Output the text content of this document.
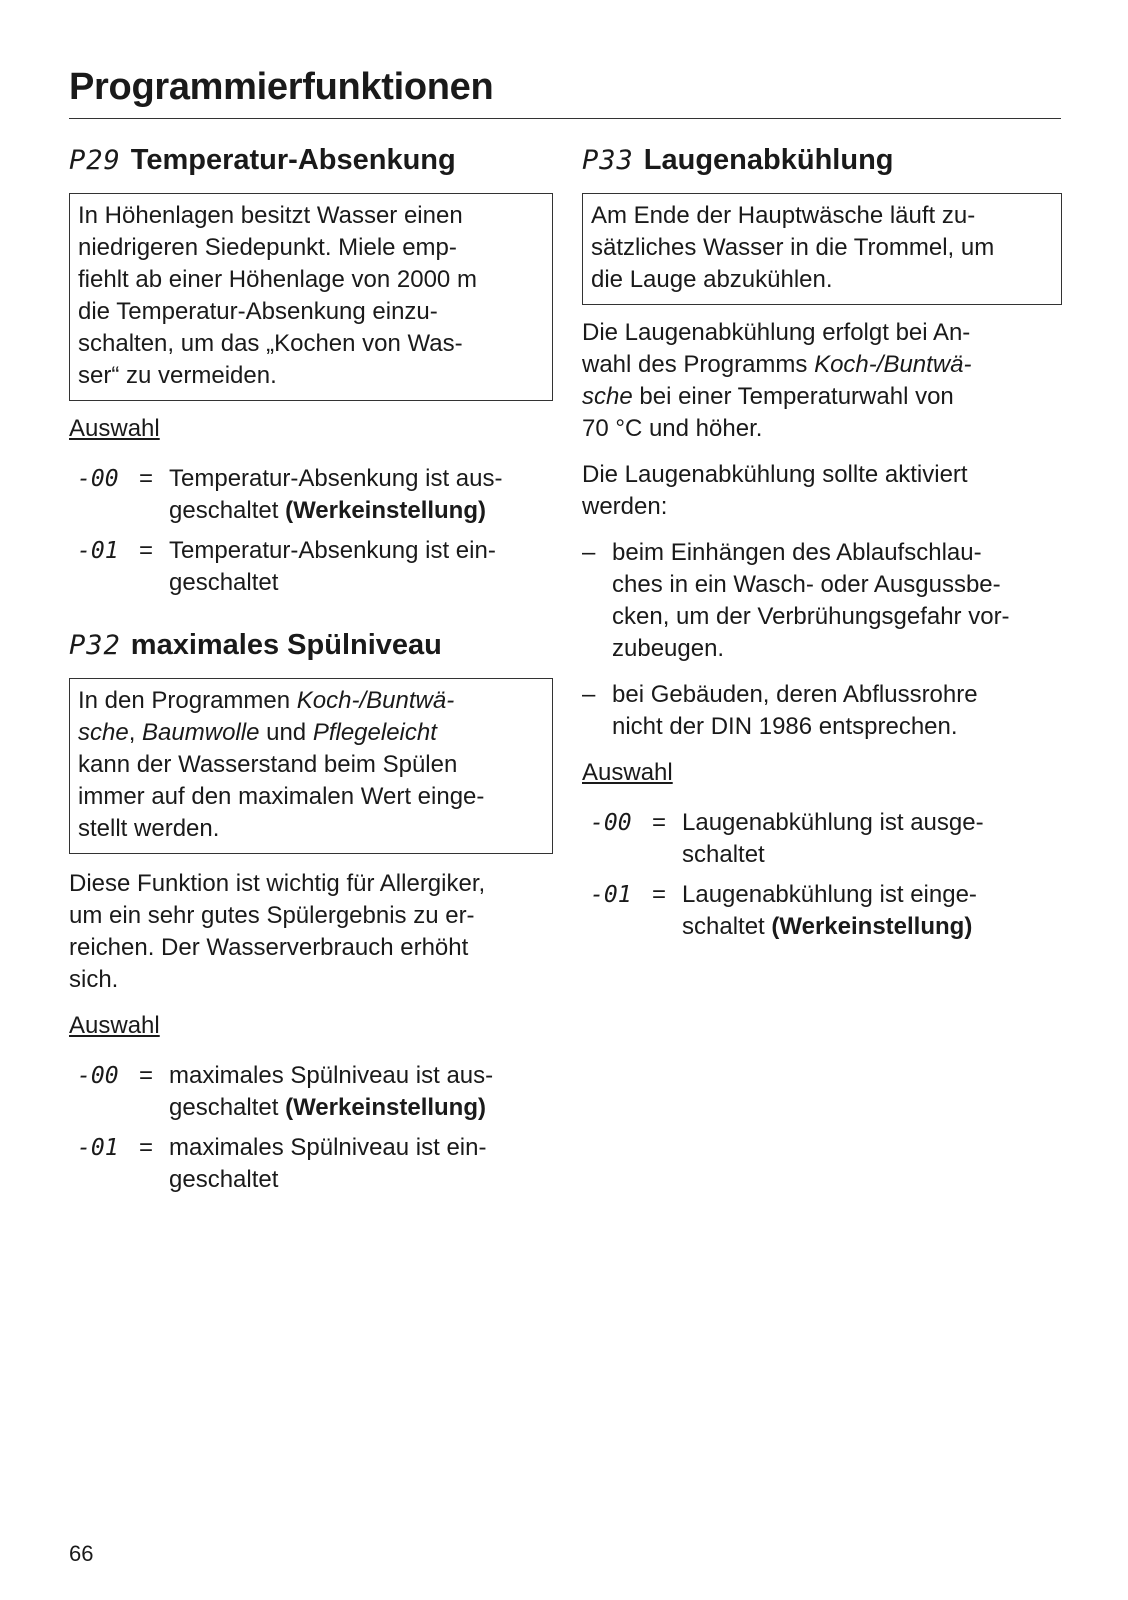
Programmierfunktionen
P29 Temperatur-Absenkung
In Höhenlagen besitzt Wasser einen
niedrigeren Siedepunkt. Miele emp-
fiehlt ab einer Höhenlage von 2000 m
die Temperatur-Absenkung einzu-
schalten, um das „Kochen von Was-
ser“ zu vermeiden.

Auswahl

-00 = Temperatur-Absenkung ist aus-
geschaltet (Werkeinstellung)
-01 = Temperatur-Absenkung ist ein-
geschaltet
P32 maximales Spülniveau
In den Programmen Koch-/Buntwä-
sche, Baumwolle und Pflegeleicht
kann der Wasserstand beim Spülen
immer auf den maximalen Wert einge-
stellt werden.
Diese Funktion ist wichtig für Allergiker,
um ein sehr gutes Spülergebnis zu er-
reichen. Der Wasserverbrauch erhöht
sich.

Auswahl

-00 = maximales Spülniveau ist aus-
geschaltet (Werkeinstellung)
-01 = maximales Spülniveau ist ein-
geschaltet
P33 Laugenabkühlung
Am Ende der Hauptwäsche läuft zu-
sätzliches Wasser in die Trommel, um
die Lauge abzukühlen.
Die Laugenabkühlung erfolgt bei An-
wahl des Programms Koch-/Buntwä-
sche bei einer Temperaturwahl von
70 °C und höher.
Die Laugenabkühlung sollte aktiviert
werden:
– beim Einhängen des Ablaufschlau-
ches in ein Wasch- oder Ausgussbe-
cken, um der Verbrühungsgefahr vor-
zubeugen.
– bei Gebäuden, deren Abflussrohre
nicht der DIN 1986 entsprechen.

Auswahl

-00 = Laugenabkühlung ist ausge-
schaltet
-01 = Laugenabkühlung ist einge-
schaltet (Werkeinstellung)
66
